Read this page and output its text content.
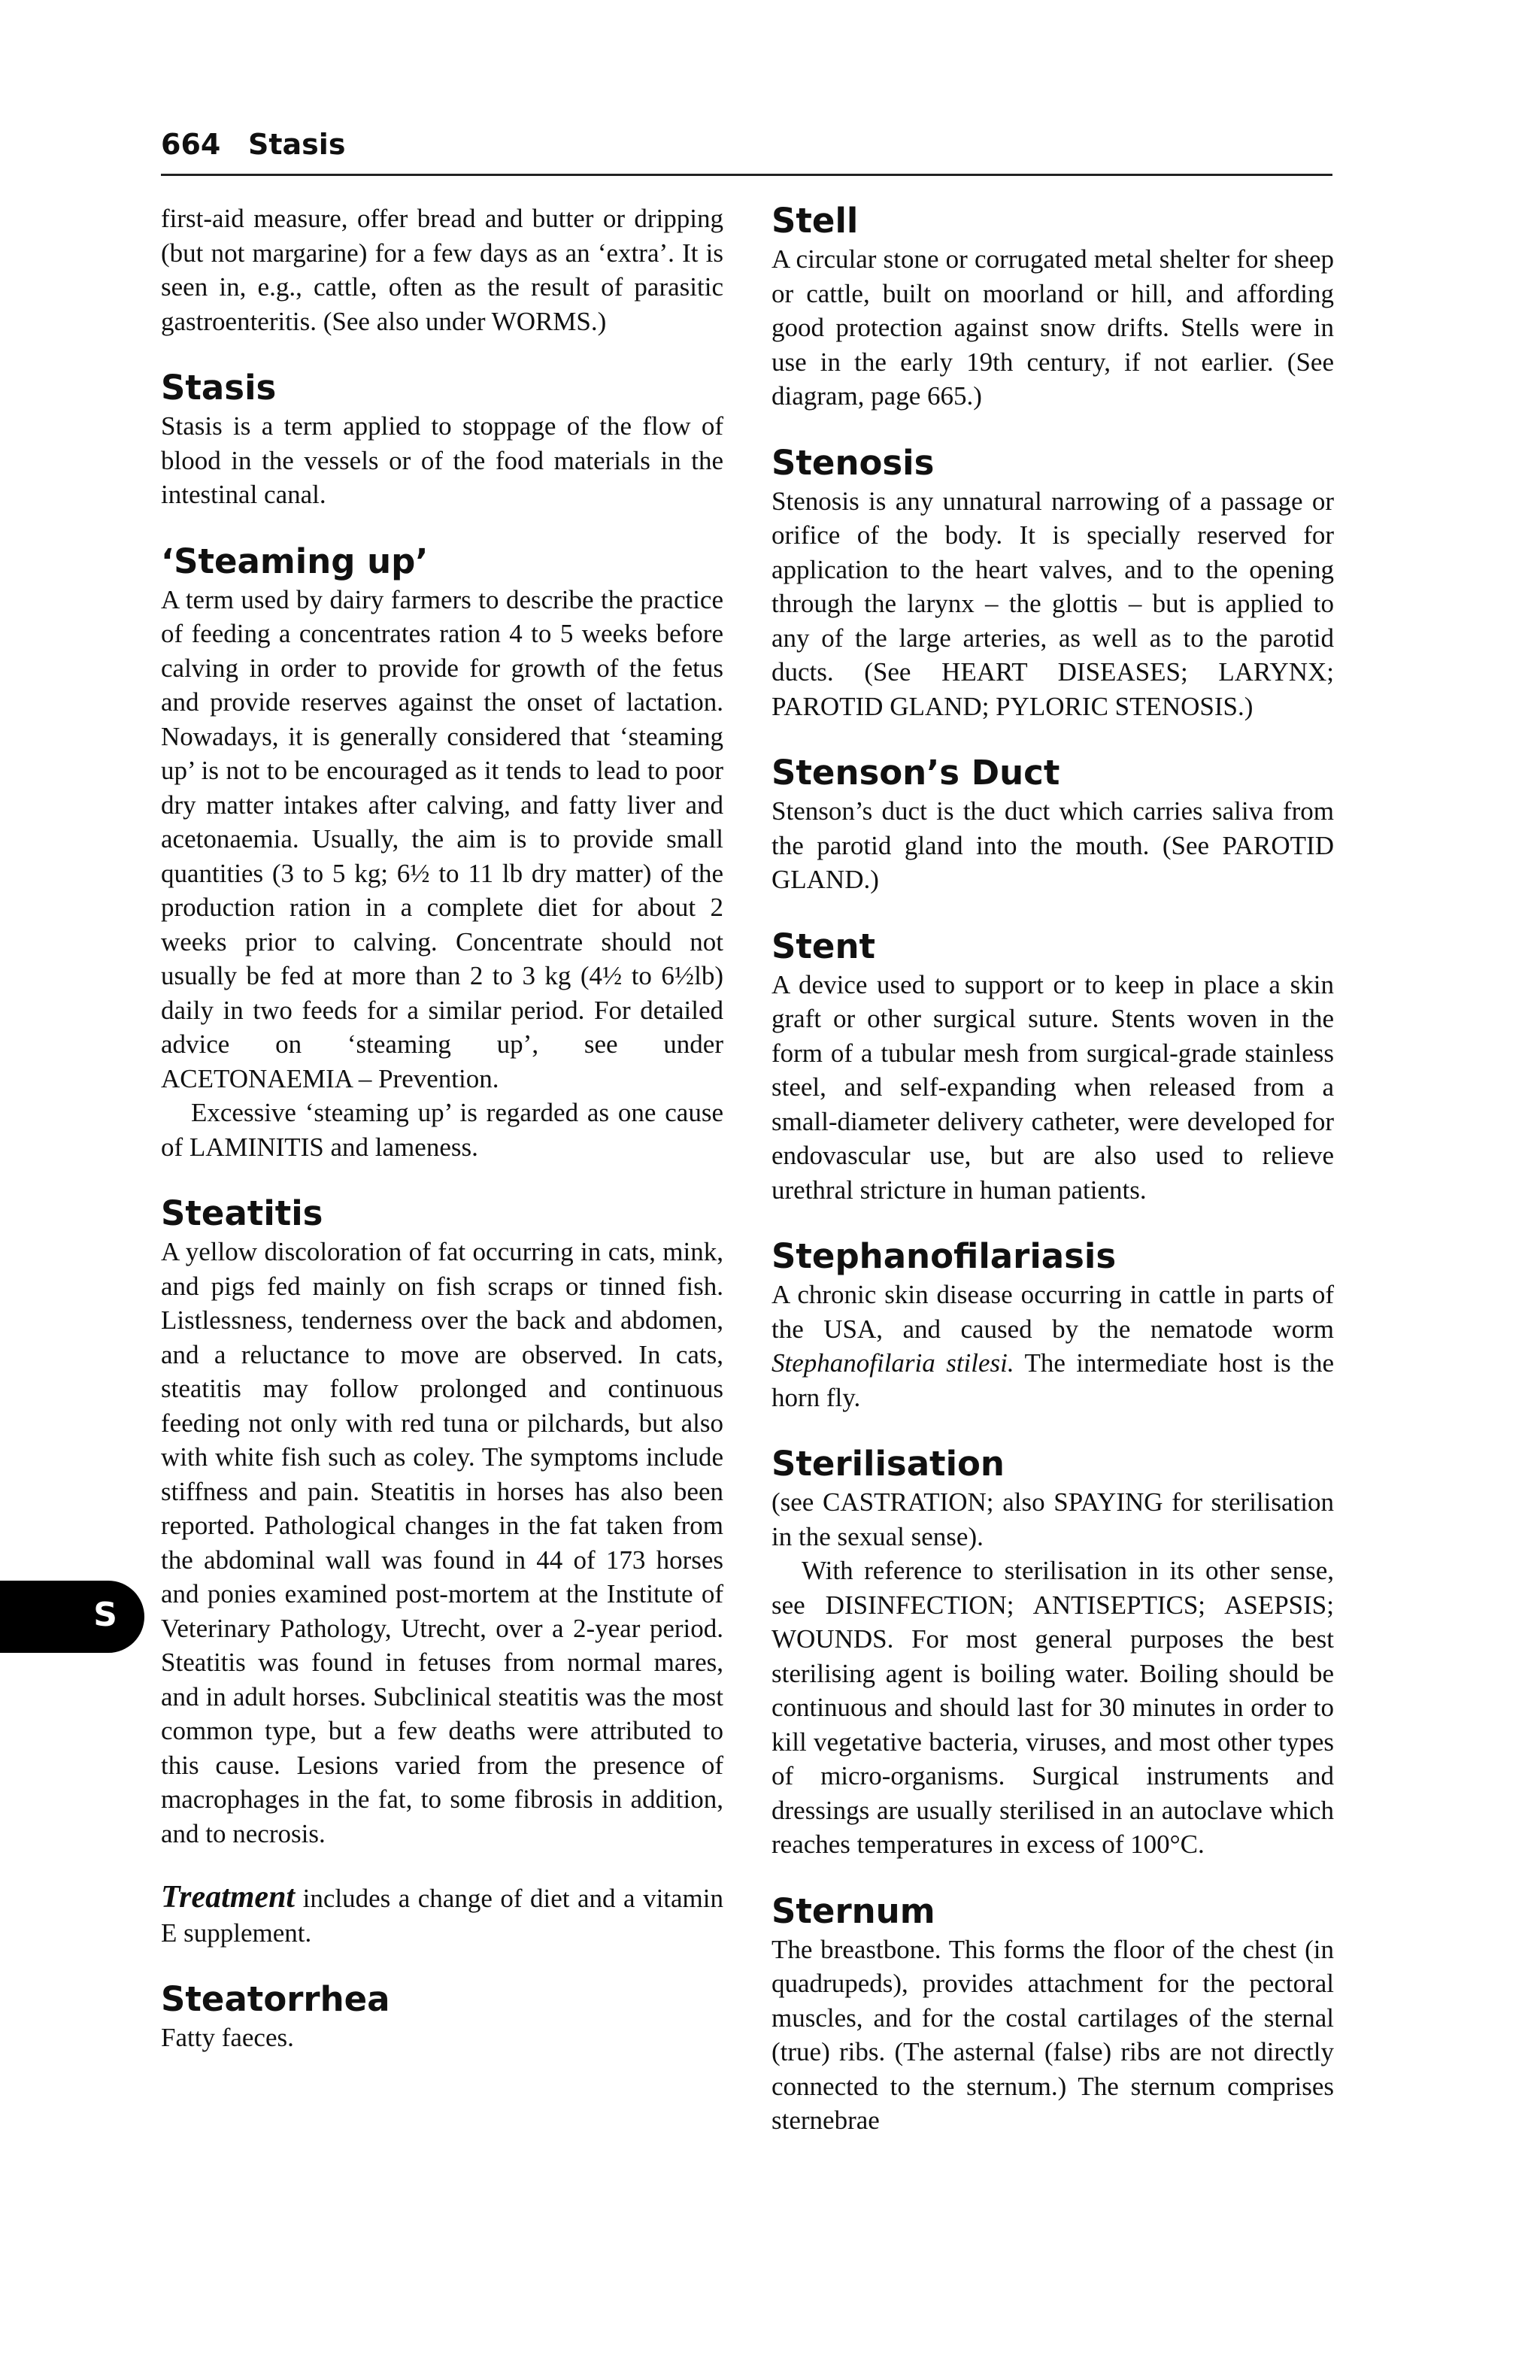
664 Stasis
S

first-aid measure, offer bread and butter or dripping (but not margarine) for a few days as an ‘extra’. It is seen in, e.g., cattle, often as the result of parasitic gastroenteritis. (See also under WORMS.)

Stasis

Stasis is a term applied to stoppage of the flow of blood in the vessels or of the food materials in the intestinal canal.

‘Steaming up’

A term used by dairy farmers to describe the practice of feeding a concentrates ration 4 to 5 weeks before calving in order to provide for growth of the fetus and provide reserves against the onset of lactation. Nowadays, it is generally considered that ‘steaming up’ is not to be encouraged as it tends to lead to poor dry matter intakes after calving, and fatty liver and acetonaemia. Usually, the aim is to provide small quantities (3 to 5 kg; 6½ to 11 lb dry matter) of the production ration in a complete diet for about 2 weeks prior to calving. Concentrate should not usually be fed at more than 2 to 3 kg (4½ to 6½lb) daily in two feeds for a similar period. For detailed advice on ‘steaming up’, see under ACETONAEMIA – Prevention.

Excessive ‘steaming up’ is regarded as one cause of LAMINITIS and lameness.

Steatitis

A yellow discoloration of fat occurring in cats, mink, and pigs fed mainly on fish scraps or tinned fish. Listlessness, tenderness over the back and abdomen, and a reluctance to move are observed. In cats, steatitis may follow prolonged and continuous feeding not only with red tuna or pilchards, but also with white fish such as coley. The symptoms include stiffness and pain. Steatitis in horses has also been reported. Pathological changes in the fat taken from the abdominal wall was found in 44 of 173 horses and ponies examined post-mortem at the Institute of Veterinary Pathology, Utrecht, over a 2-year period. Steatitis was found in fetuses from normal mares, and in adult horses. Subclinical steatitis was the most common type, but a few deaths were attributed to this cause. Lesions varied from the presence of macrophages in the fat, to some fibrosis in addition, and to necrosis.

Treatment includes a change of diet and a vitamin E supplement.

Steatorrhea

Fatty faeces.

Stell

A circular stone or corrugated metal shelter for sheep or cattle, built on moorland or hill, and affording good protection against snow drifts. Stells were in use in the early 19th century, if not earlier. (See diagram, page 665.)

Stenosis

Stenosis is any unnatural narrowing of a passage or orifice of the body. It is specially reserved for application to the heart valves, and to the opening through the larynx – the glottis – but is applied to any of the large arteries, as well as to the parotid ducts. (See HEART DISEASES; LARYNX; PAROTID GLAND; PYLORIC STENOSIS.)

Stenson’s Duct

Stenson’s duct is the duct which carries saliva from the parotid gland into the mouth. (See PAROTID GLAND.)

Stent

A device used to support or to keep in place a skin graft or other surgical suture. Stents woven in the form of a tubular mesh from surgical-grade stainless steel, and self-expanding when released from a small-diameter delivery catheter, were developed for endovascular use, but are also used to relieve urethral stricture in human patients.

Stephanofilariasis

A chronic skin disease occurring in cattle in parts of the USA, and caused by the nematode worm Stephanofilaria stilesi. The intermediate host is the horn fly.

Sterilisation

(see CASTRATION; also SPAYING for sterilisation in the sexual sense).

With reference to sterilisation in its other sense, see DISINFECTION; ANTISEPTICS; ASEPSIS; WOUNDS. For most general purposes the best sterilising agent is boiling water. Boiling should be continuous and should last for 30 minutes in order to kill vegetative bacteria, viruses, and most other types of micro-organisms. Surgical instruments and dressings are usually sterilised in an autoclave which reaches temperatures in excess of 100°C.

Sternum

The breastbone. This forms the floor of the chest (in quadrupeds), provides attachment for the pectoral muscles, and for the costal cartilages of the sternal (true) ribs. (The asternal (false) ribs are not directly connected to the sternum.) The sternum comprises sternebrae
